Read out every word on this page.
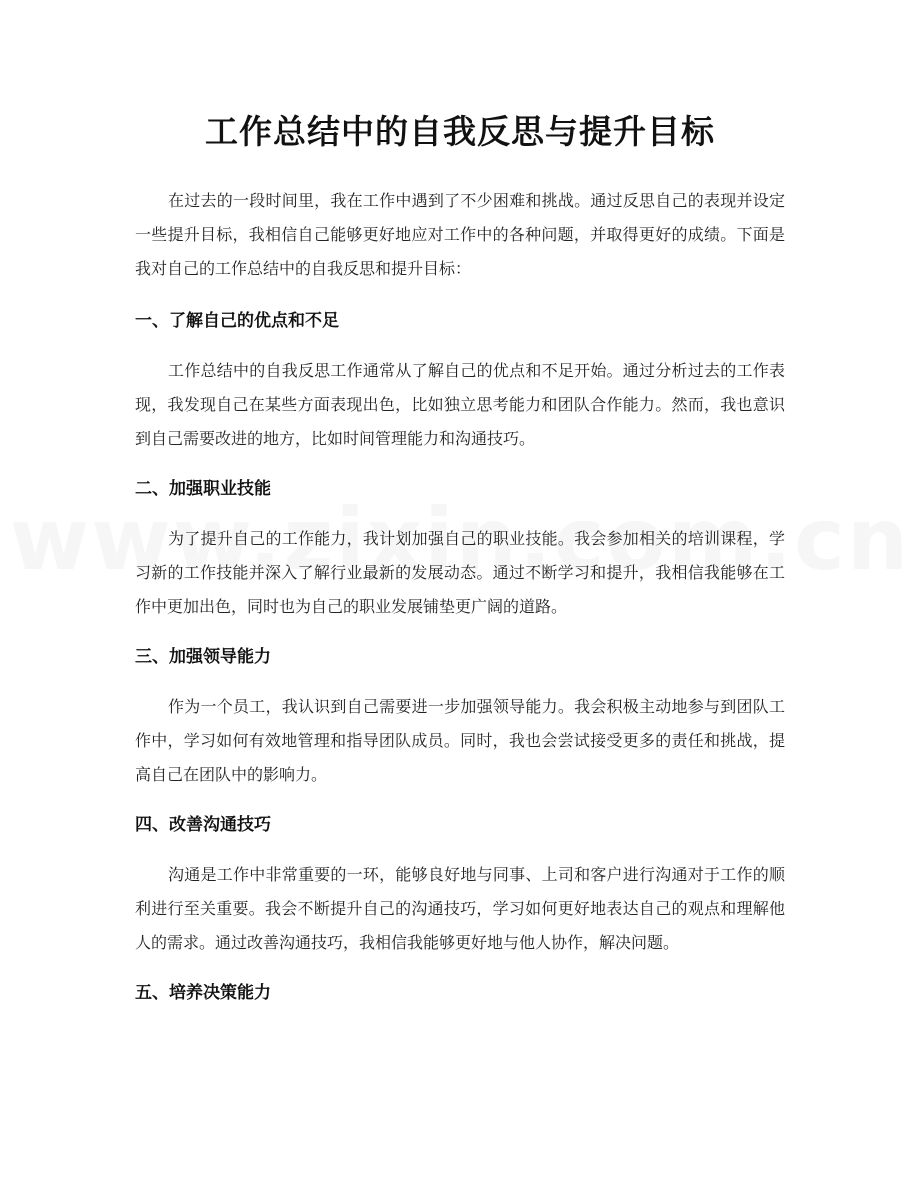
工作总结中的自我反思与提升目标

在过去的一段时间里，我在工作中遇到了不少困难和挑战。通过反思自己的表现并设定一些提升目标，我相信自己能够更好地应对工作中的各种问题，并取得更好的成绩。下面是我对自己的工作总结中的自我反思和提升目标：

一、了解自己的优点和不足

工作总结中的自我反思工作通常从了解自己的优点和不足开始。通过分析过去的工作表现，我发现自己在某些方面表现出色，比如独立思考能力和团队合作能力。然而，我也意识到自己需要改进的地方，比如时间管理能力和沟通技巧。

二、加强职业技能

为了提升自己的工作能力，我计划加强自己的职业技能。我会参加相关的培训课程，学习新的工作技能并深入了解行业最新的发展动态。通过不断学习和提升，我相信我能够在工作中更加出色，同时也为自己的职业发展铺垫更广阔的道路。

三、加强领导能力

作为一个员工，我认识到自己需要进一步加强领导能力。我会积极主动地参与到团队工作中，学习如何有效地管理和指导团队成员。同时，我也会尝试接受更多的责任和挑战，提高自己在团队中的影响力。

四、改善沟通技巧

沟通是工作中非常重要的一环，能够良好地与同事、上司和客户进行沟通对于工作的顺利进行至关重要。我会不断提升自己的沟通技巧，学习如何更好地表达自己的观点和理解他人的需求。通过改善沟通技巧，我相信我能够更好地与他人协作，解决问题。

五、培养决策能力
